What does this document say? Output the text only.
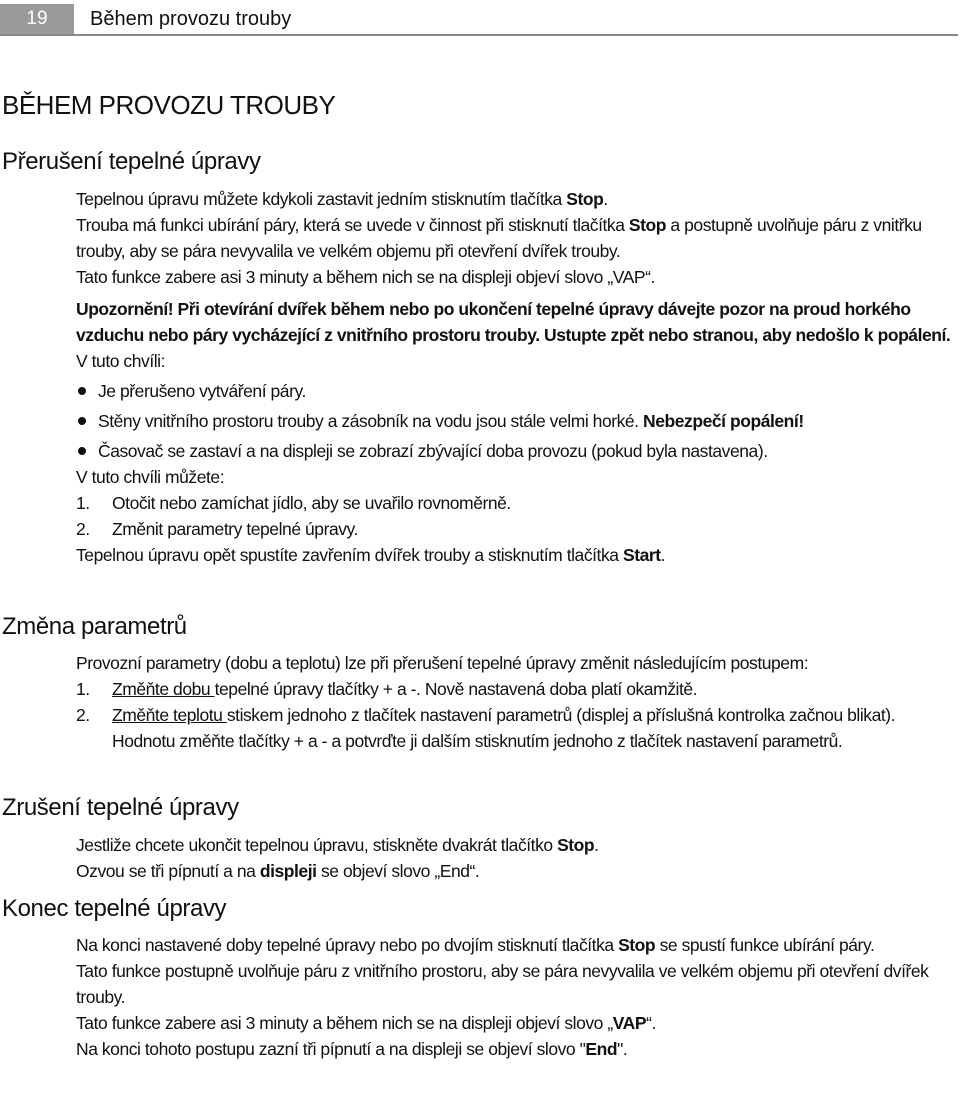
19	Během provozu trouby
BĚHEM PROVOZU TROUBY
Přerušení tepelné úpravy

Tepelnou úpravu můžete kdykoli zastavit jedním stisknutím tlačítka Stop.

Trouba má funkci ubírání páry, která se uvede v činnost při stisknutí tlačítka Stop a postupně uvolňuje páru z vnitřku trouby, aby se pára nevyvalila ve velkém objemu při otevření dvířek trouby.

Tato funkce zabere asi 3 minuty a během nich se na displeji objeví slovo „VAP“.

Upozornění! Při otevírání dvířek během nebo po ukončení tepelné úpravy dávejte pozor na proud horkého vzduchu nebo páry vycházející z vnitřního prostoru trouby. Ustupte zpět nebo stranou, aby nedošlo k popálení.

V tuto chvíli:

Je přerušeno vytváření páry.
Stěny vnitřního prostoru trouby a zásobník na vodu jsou stále velmi horké. Nebezpečí popálení!
Časovač se zastaví a na displeji se zobrazí zbývající doba provozu (pokud byla nastavena).

V tuto chvíli můžete:

1.	Otočit nebo zamíchat jídlo, aby se uvařilo rovnoměrně.
2.	Změnit parametry tepelné úpravy.

Tepelnou úpravu opět spustíte zavřením dvířek trouby a stisknutím tlačítka Start.

Změna parametrů

Provozní parametry (dobu a teplotu) lze při přerušení tepelné úpravy změnit následujícím postupem:

1.	Změňte dobu tepelné úpravy tlačítky + a -. Nově nastavená doba platí okamžitě.
2.	Změňte teplotu stiskem jednoho z tlačítek nastavení parametrů (displej a příslušná kontrolka začnou blikat). Hodnotu změňte tlačítky + a - a potvrďte ji dalším stisknutím jednoho z tlačítek nastavení parametrů.
Zrušení tepelné úpravy

Jestliže chcete ukončit tepelnou úpravu, stiskněte dvakrát tlačítko Stop.

Ozvou se tři pípnutí a na displeji se objeví slovo „End“.

Konec tepelné úpravy

Na konci nastavené doby tepelné úpravy nebo po dvojím stisknutí tlačítka Stop se spustí funkce ubírání páry.

Tato funkce postupně uvolňuje páru z vnitřního prostoru, aby se pára nevyvalila ve velkém objemu při otevření dvířek trouby.

Tato funkce zabere asi 3 minuty a během nich se na displeji objeví slovo „VAP“.

Na konci tohoto postupu zazní tři pípnutí a na displeji se objeví slovo "End".
